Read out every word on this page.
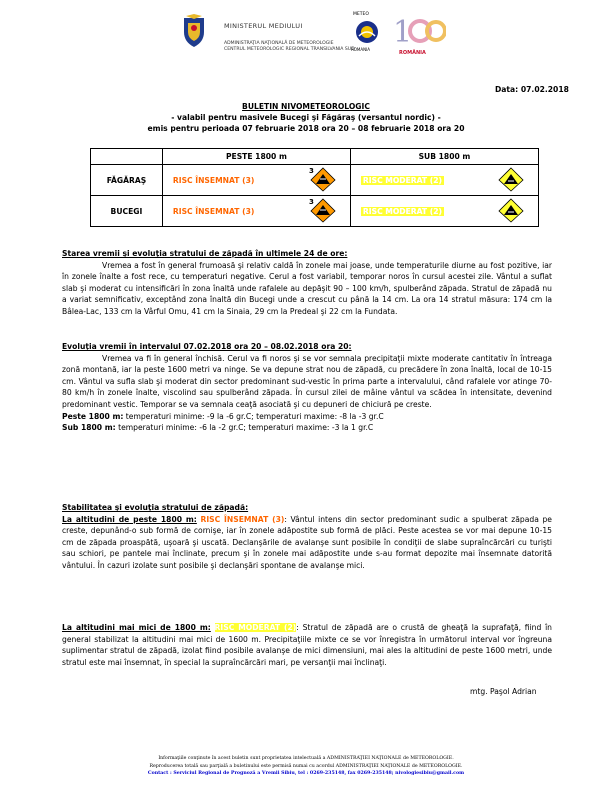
MINISTERUL MEDIULUI
ADMINISTRAŢIA NAŢIONALĂ DE METEOROLOGIE
CENTRUL METEOROLOGIC REGIONAL TRANSILVANIA SUD
METEO
ROMANIA 1
ROMÂNIA
Data: 07.02.2018
BULETIN NIVOMETEOROLOGIC
- valabil pentru masivele Bucegi şi Făgăraş (versantul nordic) -
emis pentru perioada 07 februarie 2018 ora 20 – 08 februarie 2018 ora 20
	PESTE 1800 m		SUB 1800 m	
FĂGĂRAŞ	RISC ÎNSEMNAT (3)	3	RISC MODERAT (2)	
BUCEGI	RISC ÎNSEMNAT (3)	3	RISC MODERAT (2)	
Starea vremii şi evoluţia stratului de zăpadă în ultimele 24 de ore:
Vremea a fost în general frumoasă şi relativ caldă în zonele mai joase, unde temperaturile diurne au fost pozitive, iar în zonele înalte a fost rece, cu temperaturi negative. Cerul a fost variabil, temporar noros în cursul acestei zile. Vântul a suflat slab şi moderat cu intensificări în zona înaltă unde rafalele au depăşit 90 – 100 km/h, spulberând zăpada. Stratul de zăpadă nu a variat semnificativ, exceptând zona înaltă din Bucegi unde a crescut cu până la 14 cm. La ora 14 stratul măsura: 174 cm la Bâlea-Lac, 133 cm la Vârful Omu, 41 cm la Sinaia, 29 cm la Predeal şi 22 cm la Fundata.
Evoluţia vremii în intervalul 07.02.2018 ora 20 – 08.02.2018 ora 20:
Vremea va fi în general închisă. Cerul va fi noros şi se vor semnala precipitaţii mixte moderate cantitativ în întreaga zonă montană, iar la peste 1600 metri va ninge. Se va depune strat nou de zăpadă, cu precădere în zona înaltă, local de 10-15 cm. Vântul va sufla slab şi moderat din sector predominant sud-vestic în prima parte a intervalului, când rafalele vor atinge 70-80 km/h în zonele înalte, viscolind sau spulberând zăpada. În cursul zilei de mâine vântul va scădea în intensitate, devenind predominant vestic. Temporar se va semnala ceaţă asociată şi cu depuneri de chiciură pe creste.
Peste 1800 m: temperaturi minime: -9 la -6 gr.C; temperaturi maxime: -8 la -3 gr.C
Sub 1800 m: temperaturi minime: -6 la -2 gr.C; temperaturi maxime: -3 la 1 gr.C
Stabilitatea şi evoluţia stratului de zăpadă:
La altitudini de peste 1800 m: RISC ÎNSEMNAT (3): Vântul intens din sector predominant sudic a spulberat zăpada pe creste, depunând-o sub formă de cornişe, iar în zonele adăpostite sub formă de plăci. Peste acestea se vor mai depune 10-15 cm de zăpada proaspătă, uşoară şi uscată. Declanşările de avalanşe sunt posibile în condiţii de slabe supraîncărcări cu turişti sau schiori, pe pantele mai înclinate, precum şi în zonele mai adăpostite unde s-au format depozite mai însemnate datorită vântului. În cazuri izolate sunt posibile şi declanşări spontane de avalanşe mici.
La altitudini mai mici de 1800 m: RISC MODERAT (2): Stratul de zăpadă are o crustă de gheaţă la suprafaţă, fiind în general stabilizat la altitudini mai mici de 1600 m. Precipitaţiile mixte ce se vor înregistra în următorul interval vor îngreuna suplimentar stratul de zăpadă, izolat fiind posibile avalanşe de mici dimensiuni, mai ales la altitudini de peste 1600 metri, unde stratul este mai însemnat, în special la supraîncărcări mari, pe versanţii mai înclinaţi.
mtg. Paşol Adrian
Informaţiile conţinute în acest buletin sunt proprietatea intelectuală a ADMINISTRAŢIEI NAŢIONALE de METEOROLOGIE.
Reproducerea totală sau parţială a buletinului este permisă numai cu acordul ADMINISTRAŢIEI NAŢIONALE de METEOROLOGIE.
Contact : Serviciul Regional de Prognoză a Vremii Sibiu, tel : 0269-235148, fax 0269-235148; nivologiesibiu@gmail.com
